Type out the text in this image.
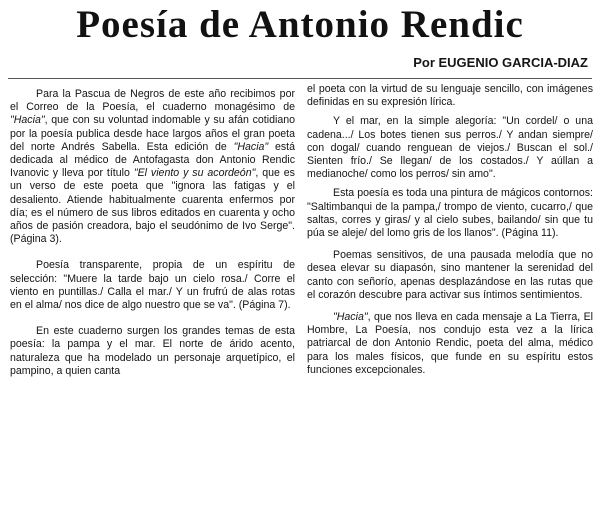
Poesía de Antonio Rendic
Por EUGENIO GARCIA-DIAZ

Para la Pascua de Negros de este año recibimos por el Correo de la Poesía, el cuaderno monagésimo de "Hacia", que con su voluntad indomable y su afán cotidiano por la poesía publica desde hace largos años el gran poeta del norte Andrés Sabella. Esta edición de "Hacia" está dedicada al médico de Antofagasta don Antonio Rendic Ivanovic y lleva por título "El viento y su acordeón", que es un verso de este poeta que "ignora las fatigas y el desaliento. Atiende habitualmente cuarenta enfermos por día; es el número de sus libros editados en cuarenta y ocho años de pasión creadora, bajo el seudónimo de Ivo Serge". (Página 3).

Poesía transparente, propia de un espíritu de selección: "Muere la tarde bajo un cielo rosa./ Corre el viento en puntillas./ Calla el mar./ Y un frufrú de alas rotas en el alma/ nos dice de algo nuestro que se va". (Página 7).

En este cuaderno surgen los grandes temas de esta poesía: la pampa y el mar. El norte de árido acento, naturaleza que ha modelado un personaje arquetípico, el pampino, a quien canta

el poeta con la virtud de su lenguaje sencillo, con imágenes definidas en su expresión lírica.

Y el mar, en la simple alegoría: "Un cordel/ o una cadena.../ Los botes tienen sus perros./ Y andan siempre/ con dogal/ cuando renguean de viejos./ Buscan el sol./ Sienten frío./ Se llegan/ de los costados./ Y aúllan a medianoche/ como los perros/ sin amo".

Esta poesía es toda una pintura de mágicos contornos: "Saltimbanqui de la pampa,/ trompo de viento, cucarro,/ que saltas, corres y giras/ y al cielo subes, bailando/ sin que tu púa se aleje/ del lomo gris de los llanos". (Página 11).

Poemas sensitivos, de una pausada melodía que no desea elevar su diapasón, sino mantener la serenidad del canto con señorío, apenas desplazándose en las rutas que el corazón descubre para activar sus íntimos sentimientos.

"Hacia", que nos lleva en cada mensaje a La Tierra, El Hombre, La Poesía, nos condujo esta vez a la lírica patriarcal de don Antonio Rendic, poeta del alma, médico para los males físicos, que funde en su espíritu estos funciones excepcionales.
